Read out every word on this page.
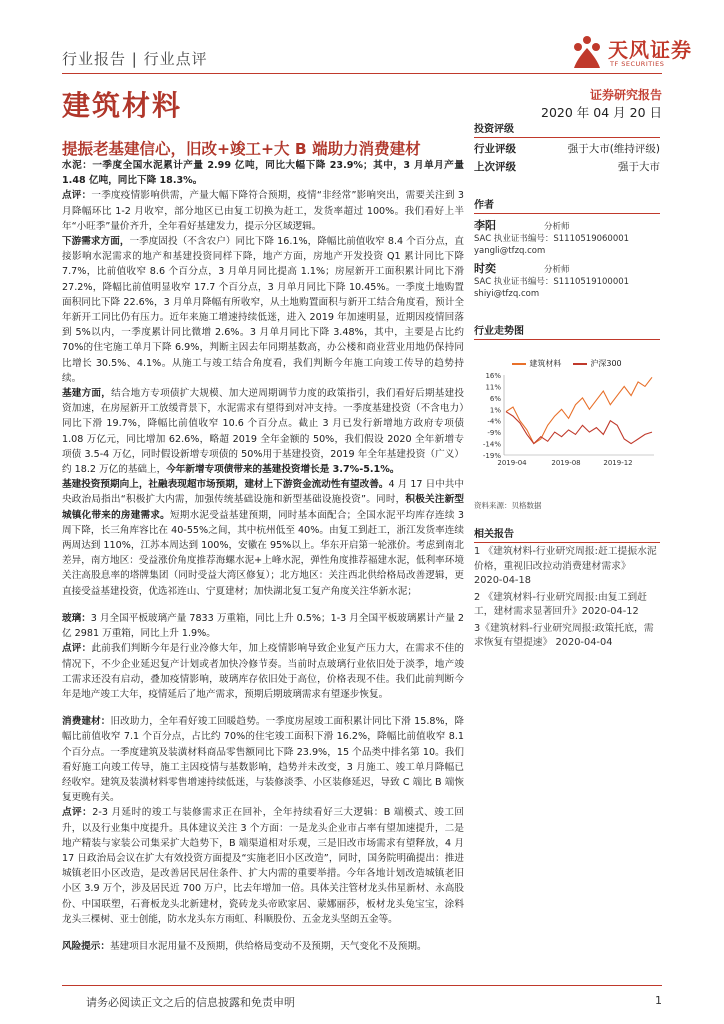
行业报告 | 行业点评	天风证券
TF SECURITIES
建筑材料	证券研究报告
2020 年 04 月 20 日
提振老基建信心，旧改+竣工+大 B 端助力消费建材

水泥：一季度全国水泥累计产量 2.99 亿吨，同比大幅下降 23.9%；其中，3 月单月产量 1.48 亿吨，同比下降 18.3%。

点评：一季度疫情影响供需，产量大幅下降符合预期，疫情“非经常”影响突出，需要关注到 3 月降幅环比 1-2 月收窄，部分地区已由复工切换为赶工，发货率超过 100%。我们看好上半年“小旺季”量价齐升，全年看好基建发力，提示分区域逻辑。

下游需求方面，一季度固投（不含农户）同比下降 16.1%，降幅比前值收窄 8.4 个百分点，直接影响水泥需求的地产和基建投资同样下降，地产方面，房地产开发投资 Q1 累计同比下降 7.7%，比前值收窄 8.6 个百分点，3 月单月同比提高 1.1%；房屋新开工面积累计同比下滑 27.2%，降幅比前值明显收窄 17.7 个百分点，3 月单月同比下降 10.45%。一季度土地购置面积同比下降 22.6%，3 月单月降幅有所收窄，从土地购置面积与新开工结合角度看，预计全年新开工同比仍有压力。近年来施工增速持续低迷，进入 2019 年加速明显，近期因疫情回落到 5%以内，一季度累计同比微增 2.6%。3 月单月同比下降 3.48%，其中，主要是占比约 70%的住宅施工单月下降 6.9%，判断主因去年同期基数高，办公楼和商业营业用地仍保持同比增长 30.5%、4.1%。从施工与竣工结合角度看，我们判断今年施工向竣工传导的趋势持续。

基建方面，结合地方专项债扩大规模、加大逆周期调节力度的政策指引，我们看好后期基建投资加速，在房屋新开工放缓背景下，水泥需求有望得到对冲支持。一季度基建投资（不含电力）同比下滑 19.7%，降幅比前值收窄 10.6 个百分点。截止 3 月已发行新增地方政府专项债 1.08 万亿元，同比增加 62.6%，略超 2019 全年金额的 50%，我们假设 2020 全年新增专项债 3.5-4 万亿，同时假设新增专项债的 50%用于基建投资，2019 年全年基建投资（广义）约 18.2 万亿的基础上，今年新增专项债带来的基建投资增长是 3.7%-5.1%。

基建投资预期向上，社融表现超市场预期，建材上下游资金流动性有望改善。4 月 17 日中共中央政治局指出“积极扩大内需，加强传统基础设施和新型基础设施投资”。同时，积极关注新型城镇化带来的房建需求。短期水泥受益基建预期，同时基本面配合；全国水泥平均库存连续 3 周下降，长三角库容比在 40-55%之间，其中杭州低至 40%。由复工到赶工，浙江发货率连续两周达到 110%，江苏本周达到 100%，安徽在 95%以上。华东开启第一轮涨价。考虑到南北差异，南方地区：受益涨价角度推荐海螺水泥+上峰水泥，弹性角度推荐福建水泥，低利率环境关注高股息率的塔牌集团（同时受益大湾区修复）；北方地区：关注西北供给格局改善逻辑，更直接受益基建投资，优选祁连山、宁夏建材；加快湖北复工复产角度关注华新水泥；

玻璃：3 月全国平板玻璃产量 7833 万重箱，同比上升 0.5%；1-3 月全国平板玻璃累计产量 2 亿 2981 万重箱，同比上升 1.9%。

点评：此前我们判断今年是行业冷修大年，加上疫情影响导致企业复产压力大，在需求不佳的情况下，不少企业延迟复产计划或者加快冷修节奏。当前时点玻璃行业依旧处于淡季，地产竣工需求还没有启动，叠加疫情影响，玻璃库存依旧处于高位，价格表现不佳。我们此前判断今年是地产竣工大年，疫情延后了地产需求，预期后期玻璃需求有望逐步恢复。

消费建材：旧改助力，全年看好竣工回暖趋势。一季度房屋竣工面积累计同比下滑 15.8%，降幅比前值收窄 7.1 个百分点，占比约 70%的住宅竣工面积下滑 16.2%，降幅比前值收窄 8.1 个百分点。一季度建筑及装潢材料商品零售额同比下降 23.9%，15 个品类中排名第 10。我们看好施工向竣工传导，施工主因疫情与基数影响，趋势并未改变，3 月施工、竣工单月降幅已经收窄。建筑及装潢材料零售增速持续低迷，与装修淡季、小区装修延迟，导致 C 端比 B 端恢复更晚有关。

点评：2-3 月延时的竣工与装修需求正在回补，全年持续看好三大逻辑：B 端模式、竣工回升，以及行业集中度提升。具体建议关注 3 个方面：一是龙头企业市占率有望加速提升，二是地产精装与家装公司集采扩大趋势下，B 端渠道相对乐观，三是旧改市场需求有望释放，4 月 17 日政治局会议在扩大有效投资方面提及“实施老旧小区改造”，同时，国务院明确提出：推进城镇老旧小区改造，是改善居民居住条件、扩大内需的重要举措。今年各地计划改造城镇老旧小区 3.9 万个，涉及居民近 700 万户，比去年增加一倍。具体关注管材龙头伟星新材、永高股份、中国联塑，石膏板龙头北新建材，瓷砖龙头帝欧家居、蒙娜丽莎，板材龙头兔宝宝，涂料龙头三棵树、亚士创能，防水龙头东方雨虹、科顺股份、五金龙头坚朗五金等。

风险提示：基建项目水泥用量不及预期，供给格局变动不及预期，天气变化不及预期。

投资评级
行业评级	强于大市(维持评级)
上次评级	强于大市
作者
李阳	分析师
SAC 执业证书编号：S1110519060001
yangli@tfzq.com
时奕	分析师
SAC 执业证书编号：S1110519100001
shiyi@tfzq.com
行业走势图
建筑材料	沪深300
16%
11%
6%
1%
-4%
-9%
-14%
-19%
2019-04	2019-08	2019-12
资料来源：贝格数据
相关报告
1 《建筑材料-行业研究周报:赶工提振水泥价格，重视旧改拉动消费建材需求》 2020-04-18
2 《建筑材料-行业研究周报:由复工到赶工，建材需求显著回升》2020-04-12
3《建筑材料-行业研究周报:政策托底，需求恢复有望提速》 2020-04-04
请务必阅读正文之后的信息披露和免责申明	1
